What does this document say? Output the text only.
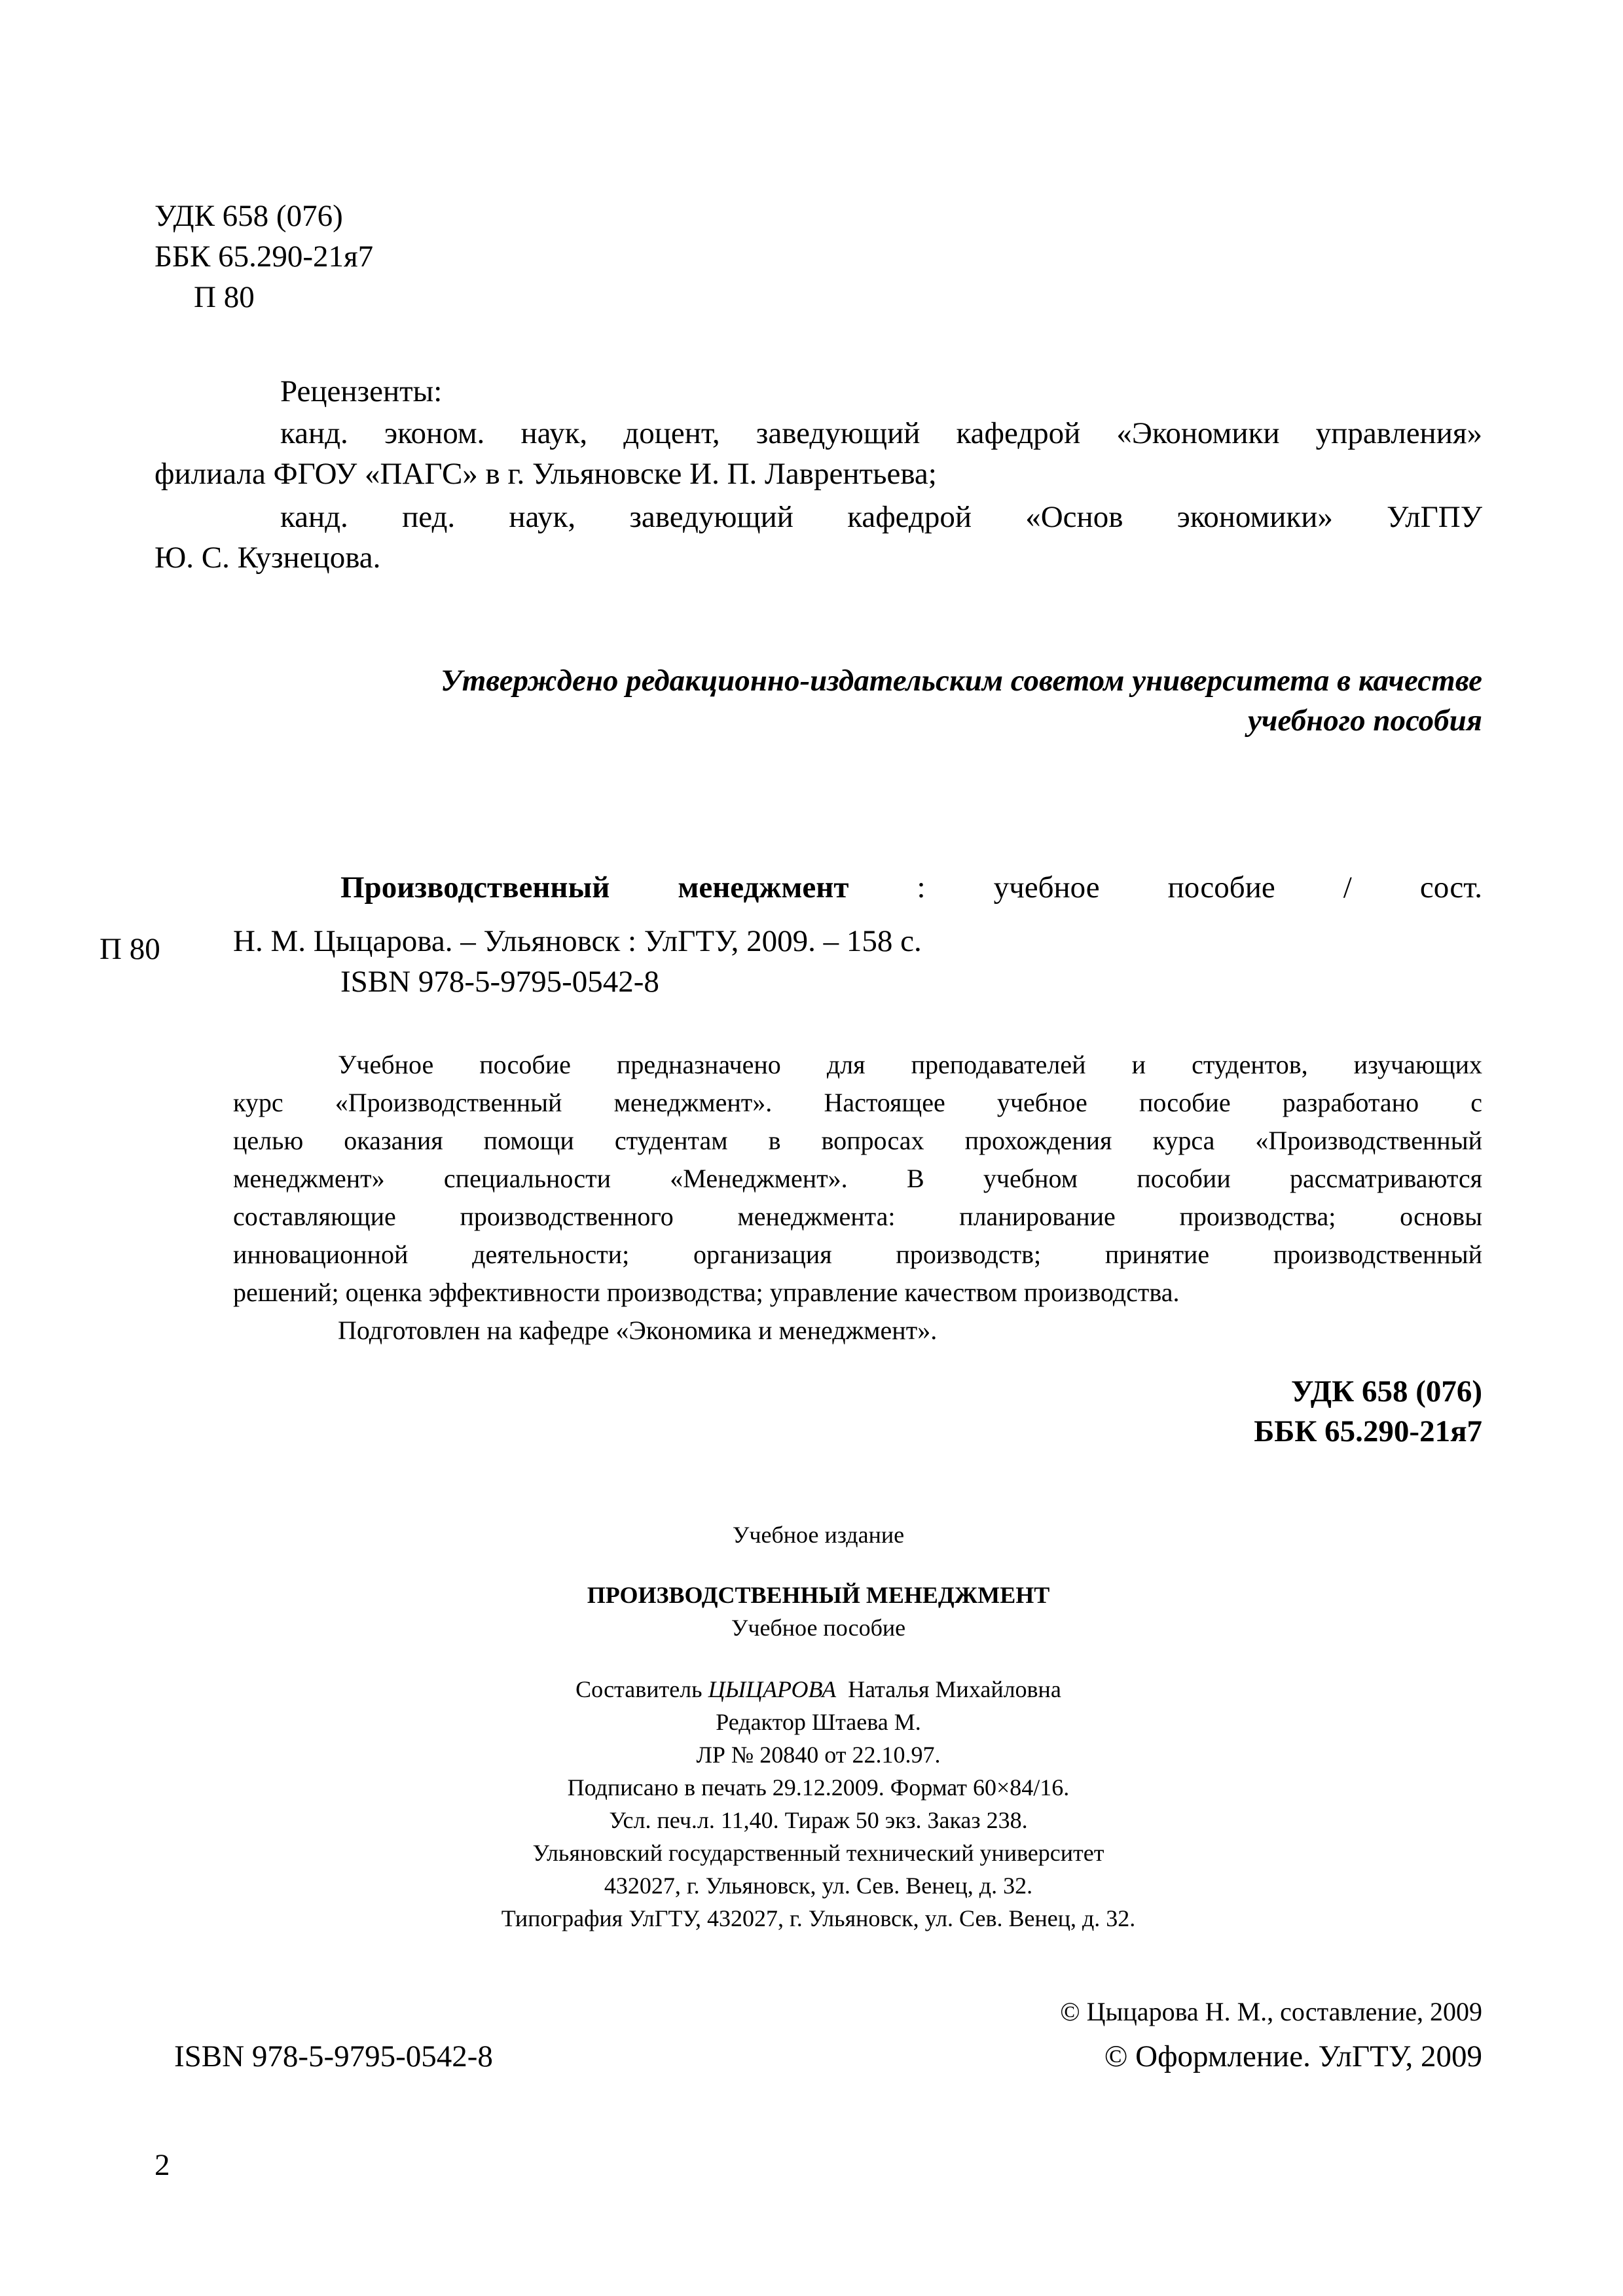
УДК 658 (076)

ББК 65.290-21я7

П 80

Рецензенты:

канд. эконом. наук, доцент, заведующий кафедрой «Экономики управления»

филиала ФГОУ «ПАГС» в г. Ульяновске И. П. Лаврентьева;

канд. пед. наук, заведующий кафедрой «Основ экономики» УлГПУ

Ю. С. Кузнецова.

Утверждено редакционно-издательским советом университета в качестве
учебного пособия

Производственный менеджмент : учебное пособие / сост.

П 80 Н. М. Цыцарова. – Ульяновск : УлГТУ, 2009. – 158 с.

ISBN 978-5-9795-0542-8

Учебное пособие предназначено для преподавателей и студентов, изучающих

курс «Производственный менеджмент». Настоящее учебное пособие разработано с

целью оказания помощи студентам в вопросах прохождения курса «Производственный

менеджмент» специальности «Менеджмент». В учебном пособии рассматриваются

составляющие производственного менеджмента: планирование производства; основы

инновационной деятельности; организация производств; принятие производственный

решений; оценка эффективности производства; управление качеством производства.

Подготовлен на кафедре «Экономика и менеджмент».

УДК 658 (076)
ББК 65.290-21я7
Учебное издание
ПРОИЗВОДСТВЕННЫЙ МЕНЕДЖМЕНТ
Учебное пособие
Составитель ЦЫЦАРОВА Наталья Михайловна
Редактор Штаева М.
ЛР № 20840 от 22.10.97.
Подписано в печать 29.12.2009. Формат 60×84/16.
Усл. печ.л. 11,40. Тираж 50 экз. Заказ 238.
Ульяновский государственный технический университет
432027, г. Ульяновск, ул. Сев. Венец, д. 32.
Типография УлГТУ, 432027, г. Ульяновск, ул. Сев. Венец, д. 32.

© Цыцарова Н. М., составление, 2009

ISBN 978-5-9795-0542-8	© Оформление. УлГТУ, 2009

2
